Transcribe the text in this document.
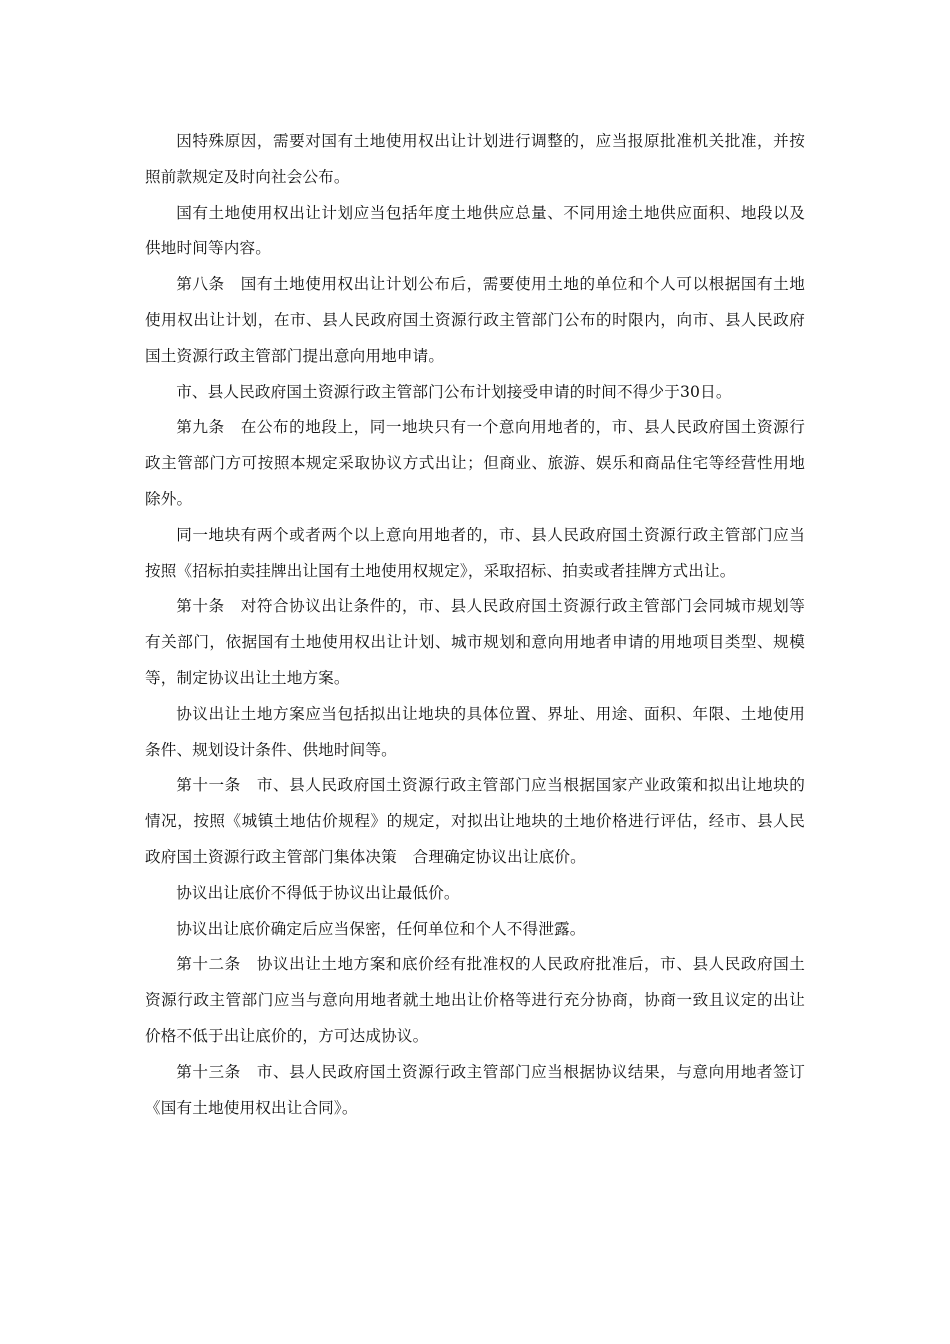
因特殊原因，需要对国有土地使用权出让计划进行调整的，应当报原批准机关批准，并按照前款规定及时向社会公布。

国有土地使用权出让计划应当包括年度土地供应总量、不同用途土地供应面积、地段以及供地时间等内容。

第八条　国有土地使用权出让计划公布后，需要使用土地的单位和个人可以根据国有土地使用权出让计划，在市、县人民政府国土资源行政主管部门公布的时限内，向市、县人民政府国土资源行政主管部门提出意向用地申请。

市、县人民政府国土资源行政主管部门公布计划接受申请的时间不得少于30日。

第九条　在公布的地段上，同一地块只有一个意向用地者的，市、县人民政府国土资源行政主管部门方可按照本规定采取协议方式出让；但商业、旅游、娱乐和商品住宅等经营性用地除外。

同一地块有两个或者两个以上意向用地者的，市、县人民政府国土资源行政主管部门应当按照《招标拍卖挂牌出让国有土地使用权规定》，采取招标、拍卖或者挂牌方式出让。

第十条　对符合协议出让条件的，市、县人民政府国土资源行政主管部门会同城市规划等有关部门，依据国有土地使用权出让计划、城市规划和意向用地者申请的用地项目类型、规模等，制定协议出让土地方案。

协议出让土地方案应当包括拟出让地块的具体位置、界址、用途、面积、年限、土地使用条件、规划设计条件、供地时间等。

第十一条　市、县人民政府国土资源行政主管部门应当根据国家产业政策和拟出让地块的情况，按照《城镇土地估价规程》的规定，对拟出让地块的土地价格进行评估，经市、县人民政府国土资源行政主管部门集体决策　合理确定协议出让底价。

协议出让底价不得低于协议出让最低价。

协议出让底价确定后应当保密，任何单位和个人不得泄露。

第十二条　协议出让土地方案和底价经有批准权的人民政府批准后，市、县人民政府国土资源行政主管部门应当与意向用地者就土地出让价格等进行充分协商，协商一致且议定的出让价格不低于出让底价的，方可达成协议。

第十三条　市、县人民政府国土资源行政主管部门应当根据协议结果，与意向用地者签订《国有土地使用权出让合同》。
